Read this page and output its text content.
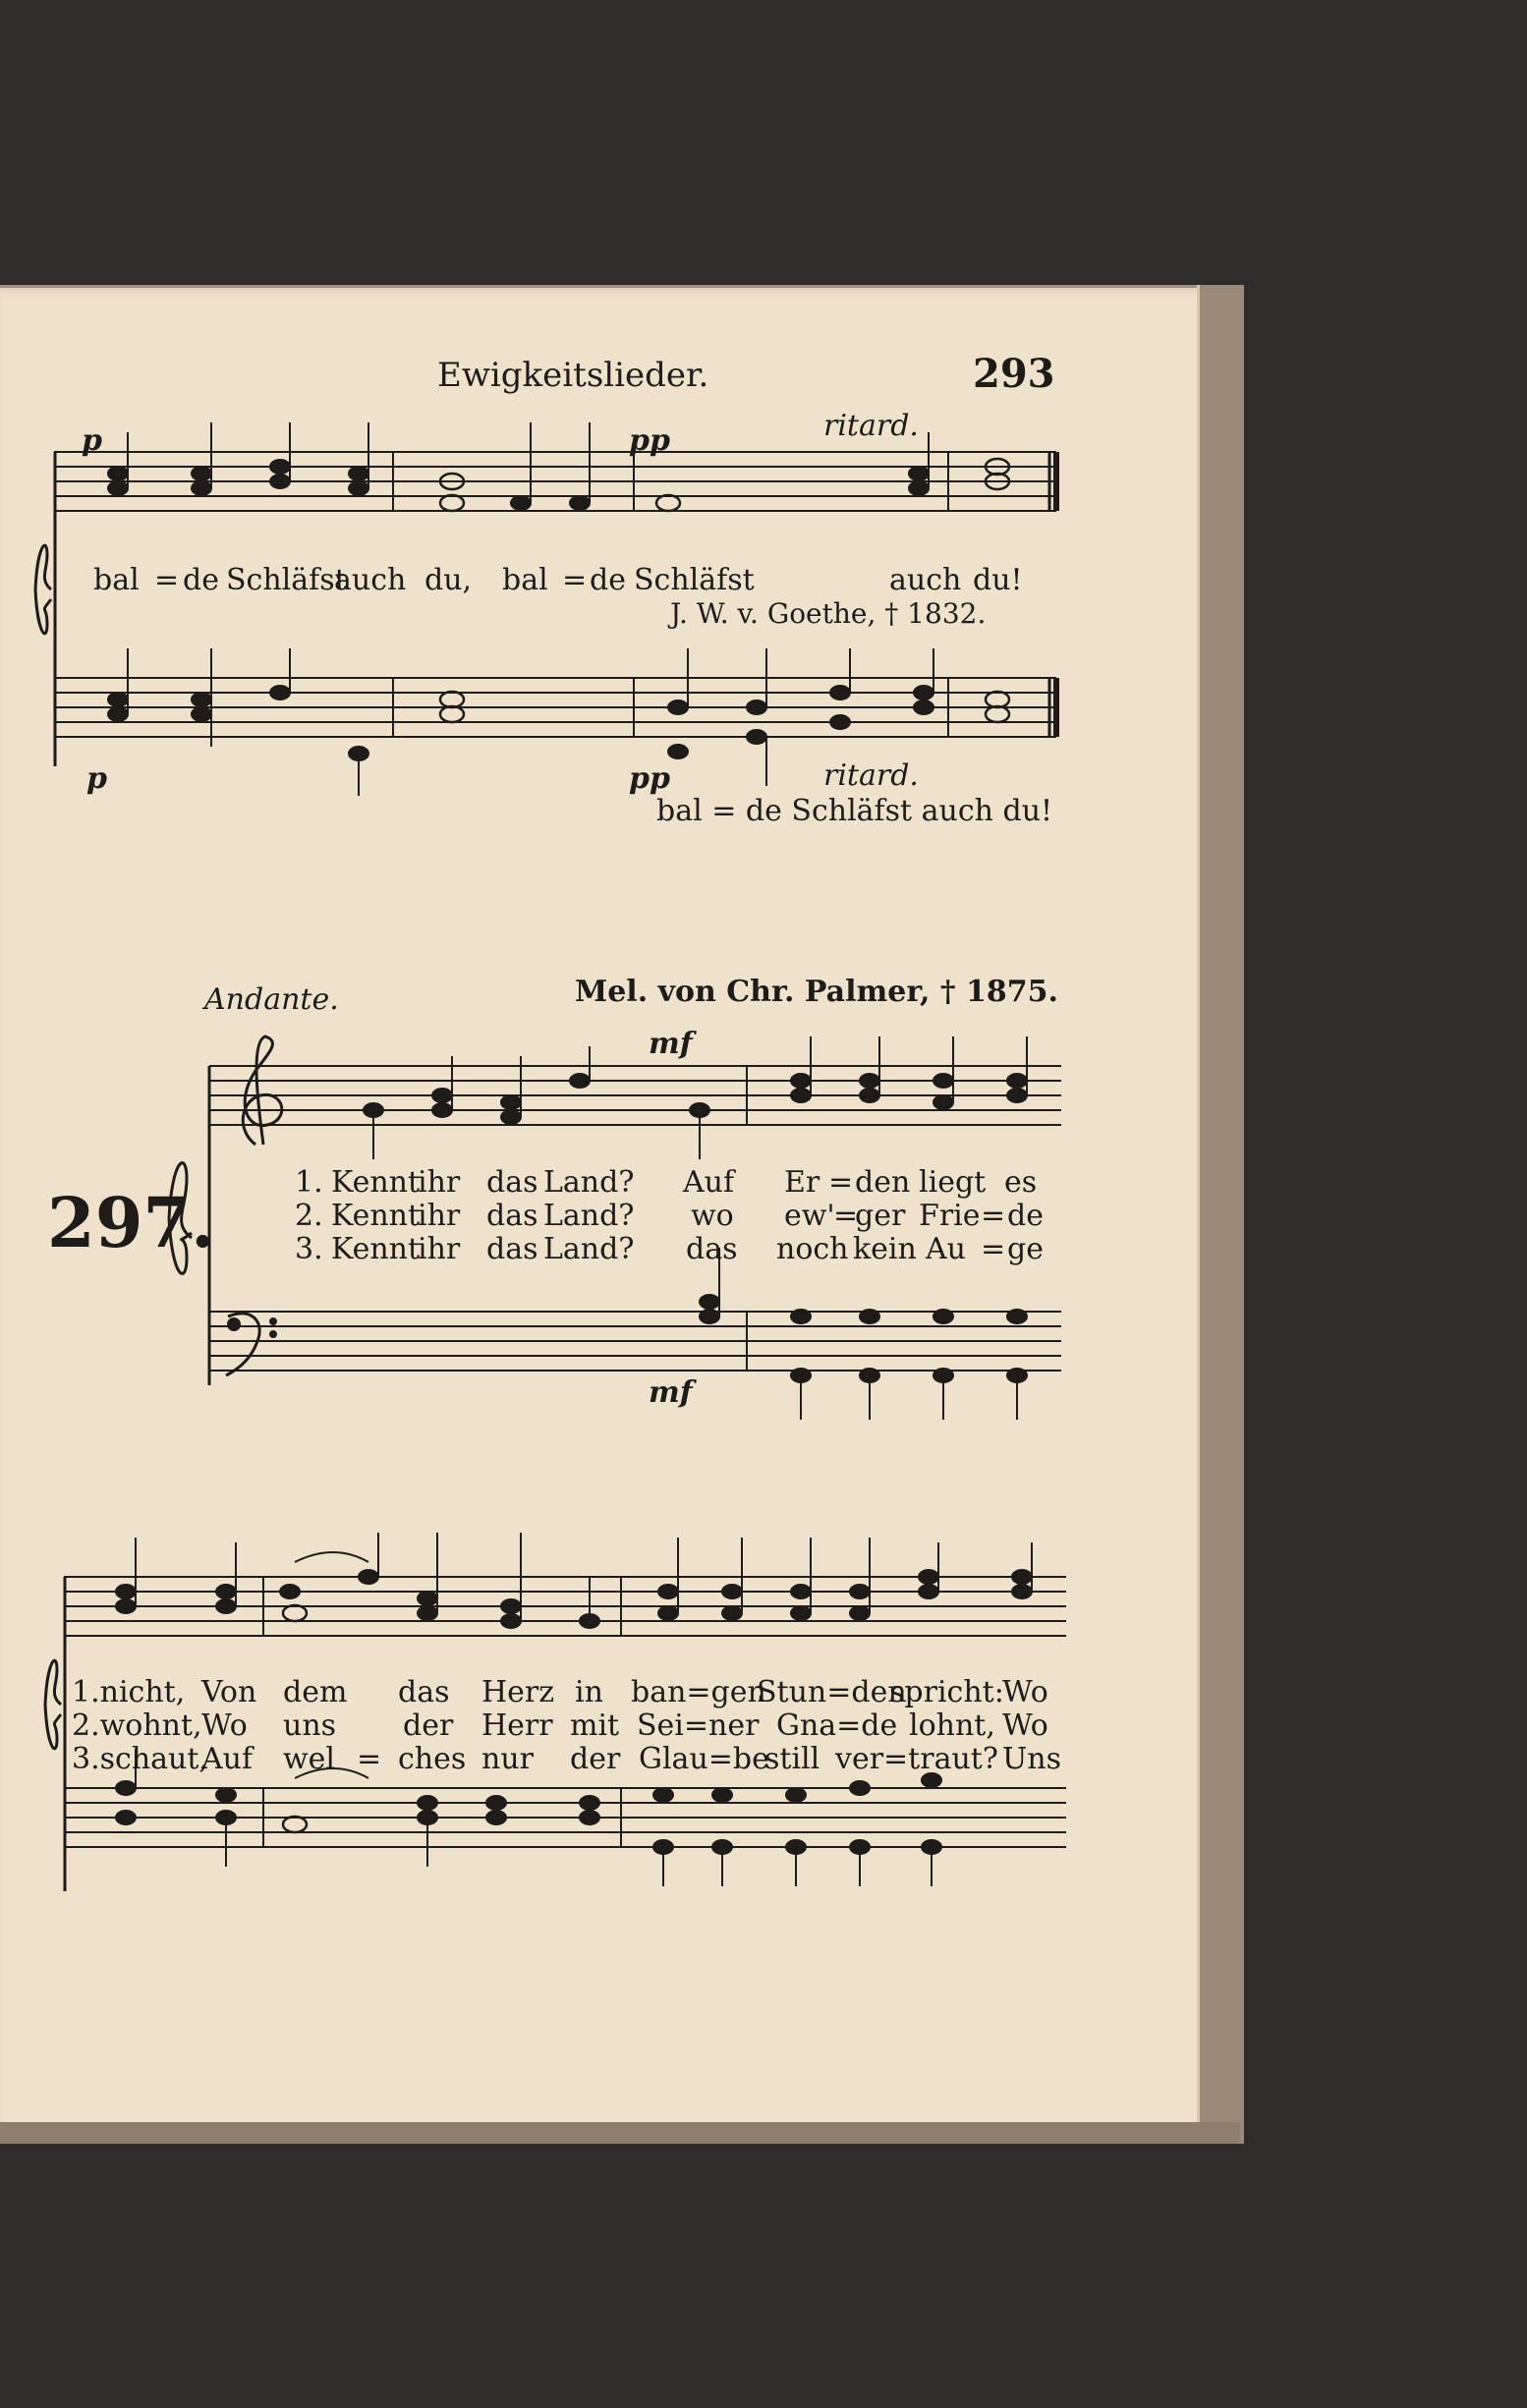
Ewigkeitslieder.	293
p	pp	ritard.
bal = de Schläfst
auch du, bal = de Schläfst	auch du!
J. W. v. Goethe, † 1832.
p	pp	ritard.
bal = de Schläfst auch du!
Andante.	Mel. von Chr. Palmer, † 1875.
mf
297.	1. Kennt
ihr das Land? Auf Er = den liegt es
2. Kennt
ihr das Land? wo ew'
=
ger Frie = de
3. Kennt
ihr das Land? das noch kein Au = ge
mf
1.nicht, Von dem das Herz in ban=gen
Stun=den
spricht:
Wo
2.wohnt, Wo uns der Herr mit Sei=ner Gna=de lohnt, Wo
3.schaut,
Auf wel = ches nur der Glau=be
still ver=traut? Uns
